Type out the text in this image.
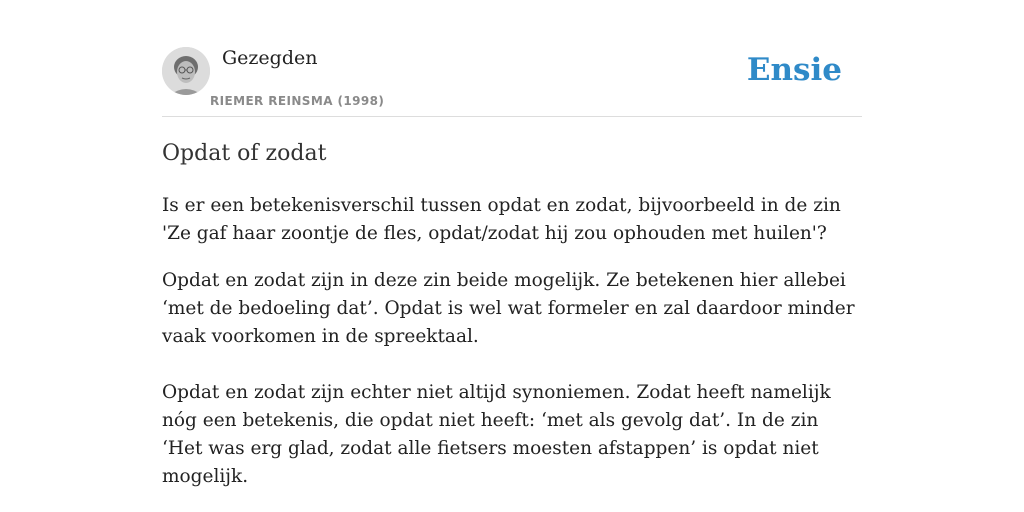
Gezegden
RIEMER REINSMA (1998)
Ensie
Opdat of zodat

Is er een betekenisverschil tussen opdat en zodat, bijvoorbeeld in de zin 'Ze gaf haar zoontje de fles, opdat/zodat hij zou ophouden met huilen'?

Opdat en zodat zijn in deze zin beide mogelijk. Ze betekenen hier allebei ‘met de bedoeling dat’. Opdat is wel wat formeler en zal daardoor minder vaak voorkomen in de spreektaal.

Opdat en zodat zijn echter niet altijd synoniemen. Zodat heeft namelijk nóg een betekenis, die opdat niet heeft: ‘met als gevolg dat’. In de zin ‘Het was erg glad, zodat alle fietsers moesten afstappen’ is opdat niet mogelijk.
